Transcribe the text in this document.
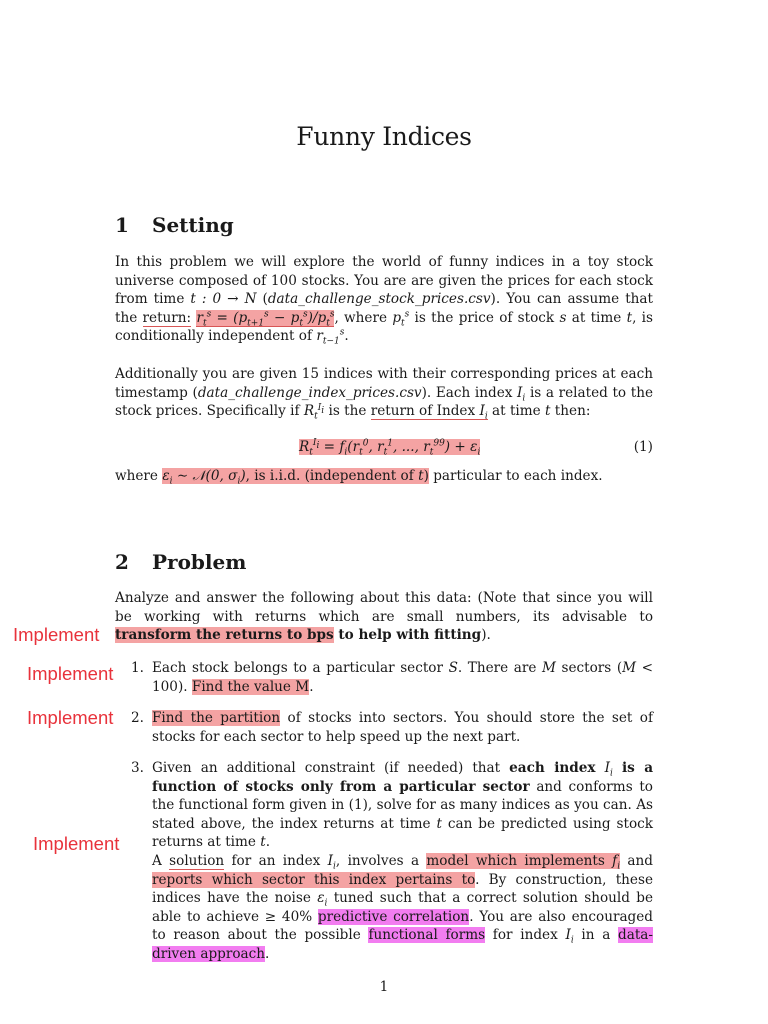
Funny Indices
1 Setting
In this problem we will explore the world of funny indices in a toy stock universe composed of 100 stocks. You are are given the prices for each stock from time t : 0 → N (data_challenge_stock_prices.csv). You can assume that the return: $r_t^s = (p_{t+1}^s - p_t^s)/p_t^s$, where $p_t^s$ is the price of stock s at time t, is conditionally independent of $r_{t-1}^s$.
Additionally you are given 15 indices with their corresponding prices at each timestamp (data_challenge_index_prices.csv). Each index $I_i$ is a related to the stock prices. Specifically if $R_t^{I_i}$ is the return of Index $I_i$ at time t then:
$R_t^{I_i} = f_i(r_t^0$, $r_t^1$, ..., $r_t^{99}) + \varepsilon_i$	(1)
where $\varepsilon_i$ ∼ 𝒩(0, $\sigma_i$), is i.i.d. (independent of t) particular to each index.
2 Problem
Analyze and answer the following about this data: (Note that since you will be working with returns which are small numbers, its advisable to transform the returns to bps to help with fitting).
1. Each stock belongs to a particular sector S. There are M sectors (M < 100). Find the value M.
2. Find the partition of stocks into sectors. You should store the set of stocks for each sector to help speed up the next part.
3. Given an additional constraint (if needed) that each index $I_i$ is a function of stocks only from a particular sector and conforms to the functional form given in (1), solve for as many indices as you can. As stated above, the index returns at time t can be predicted using stock returns at time t.
A solution for an index $I_i$, involves a model which implements $f_i$ and reports which sector this index pertains to. By construction, these indices have the noise $\varepsilon_i$ tuned such that a correct solution should be able to achieve ≥ 40% predictive correlation. You are also encouraged to reason about the possible functional forms for index $I_i$ in a data-driven approach.
Implement
Implement
Implement
Implement
1
